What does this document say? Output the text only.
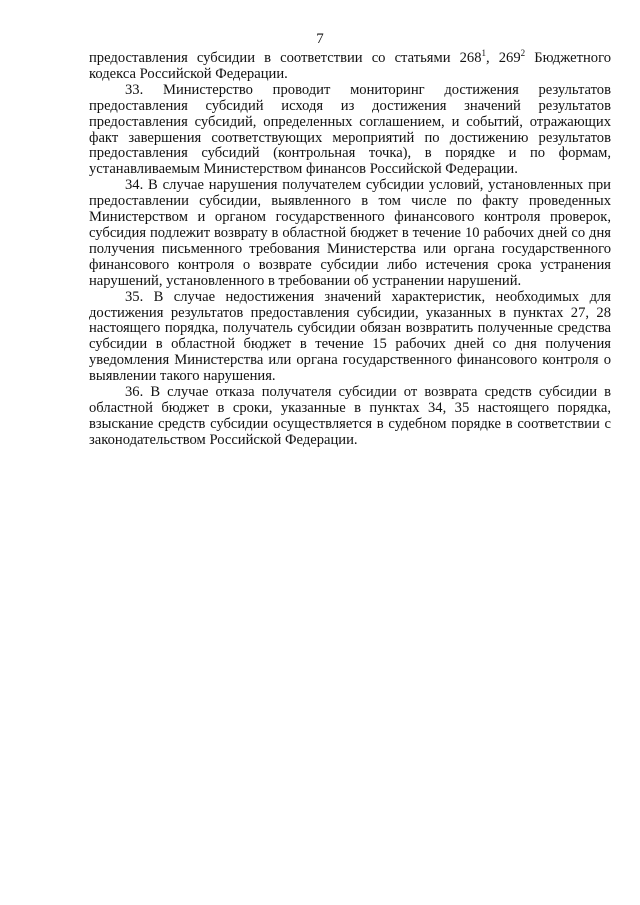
7

предоставления субсидии в соответствии со статьями $268^1$, $269^2$ Бюджетного кодекса Российской Федерации.

33. Министерство проводит мониторинг достижения результатов предоставления субсидий исходя из достижения значений результатов предоставления субсидий, определенных соглашением, и событий, отражающих факт завершения соответствующих мероприятий по достижению результатов предоставления субсидий (контрольная точка), в порядке и по формам, устанавливаемым Министерством финансов Российской Федерации.

34. В случае нарушения получателем субсидии условий, установленных при предоставлении субсидии, выявленного в том числе по факту проведенных Министерством и органом государственного финансового контроля проверок, субсидия подлежит возврату в областной бюджет в течение 10 рабочих дней со дня получения письменного требования Министерства или органа государственного финансового контроля о возврате субсидии либо истечения срока устранения нарушений, установленного в требовании об устранении нарушений.

35. В случае недостижения значений характеристик, необходимых для достижения результатов предоставления субсидии, указанных в пунктах 27, 28 настоящего порядка, получатель субсидии обязан возвратить полученные средства субсидии в областной бюджет в течение 15 рабочих дней со дня получения уведомления Министерства или органа государственного финансового контроля о выявлении такого нарушения.

36. В случае отказа получателя субсидии от возврата средств субсидии в областной бюджет в сроки, указанные в пунктах 34, 35 настоящего порядка, взыскание средств субсидии осуществляется в судебном порядке в соответствии с законодательством Российской Федерации.
